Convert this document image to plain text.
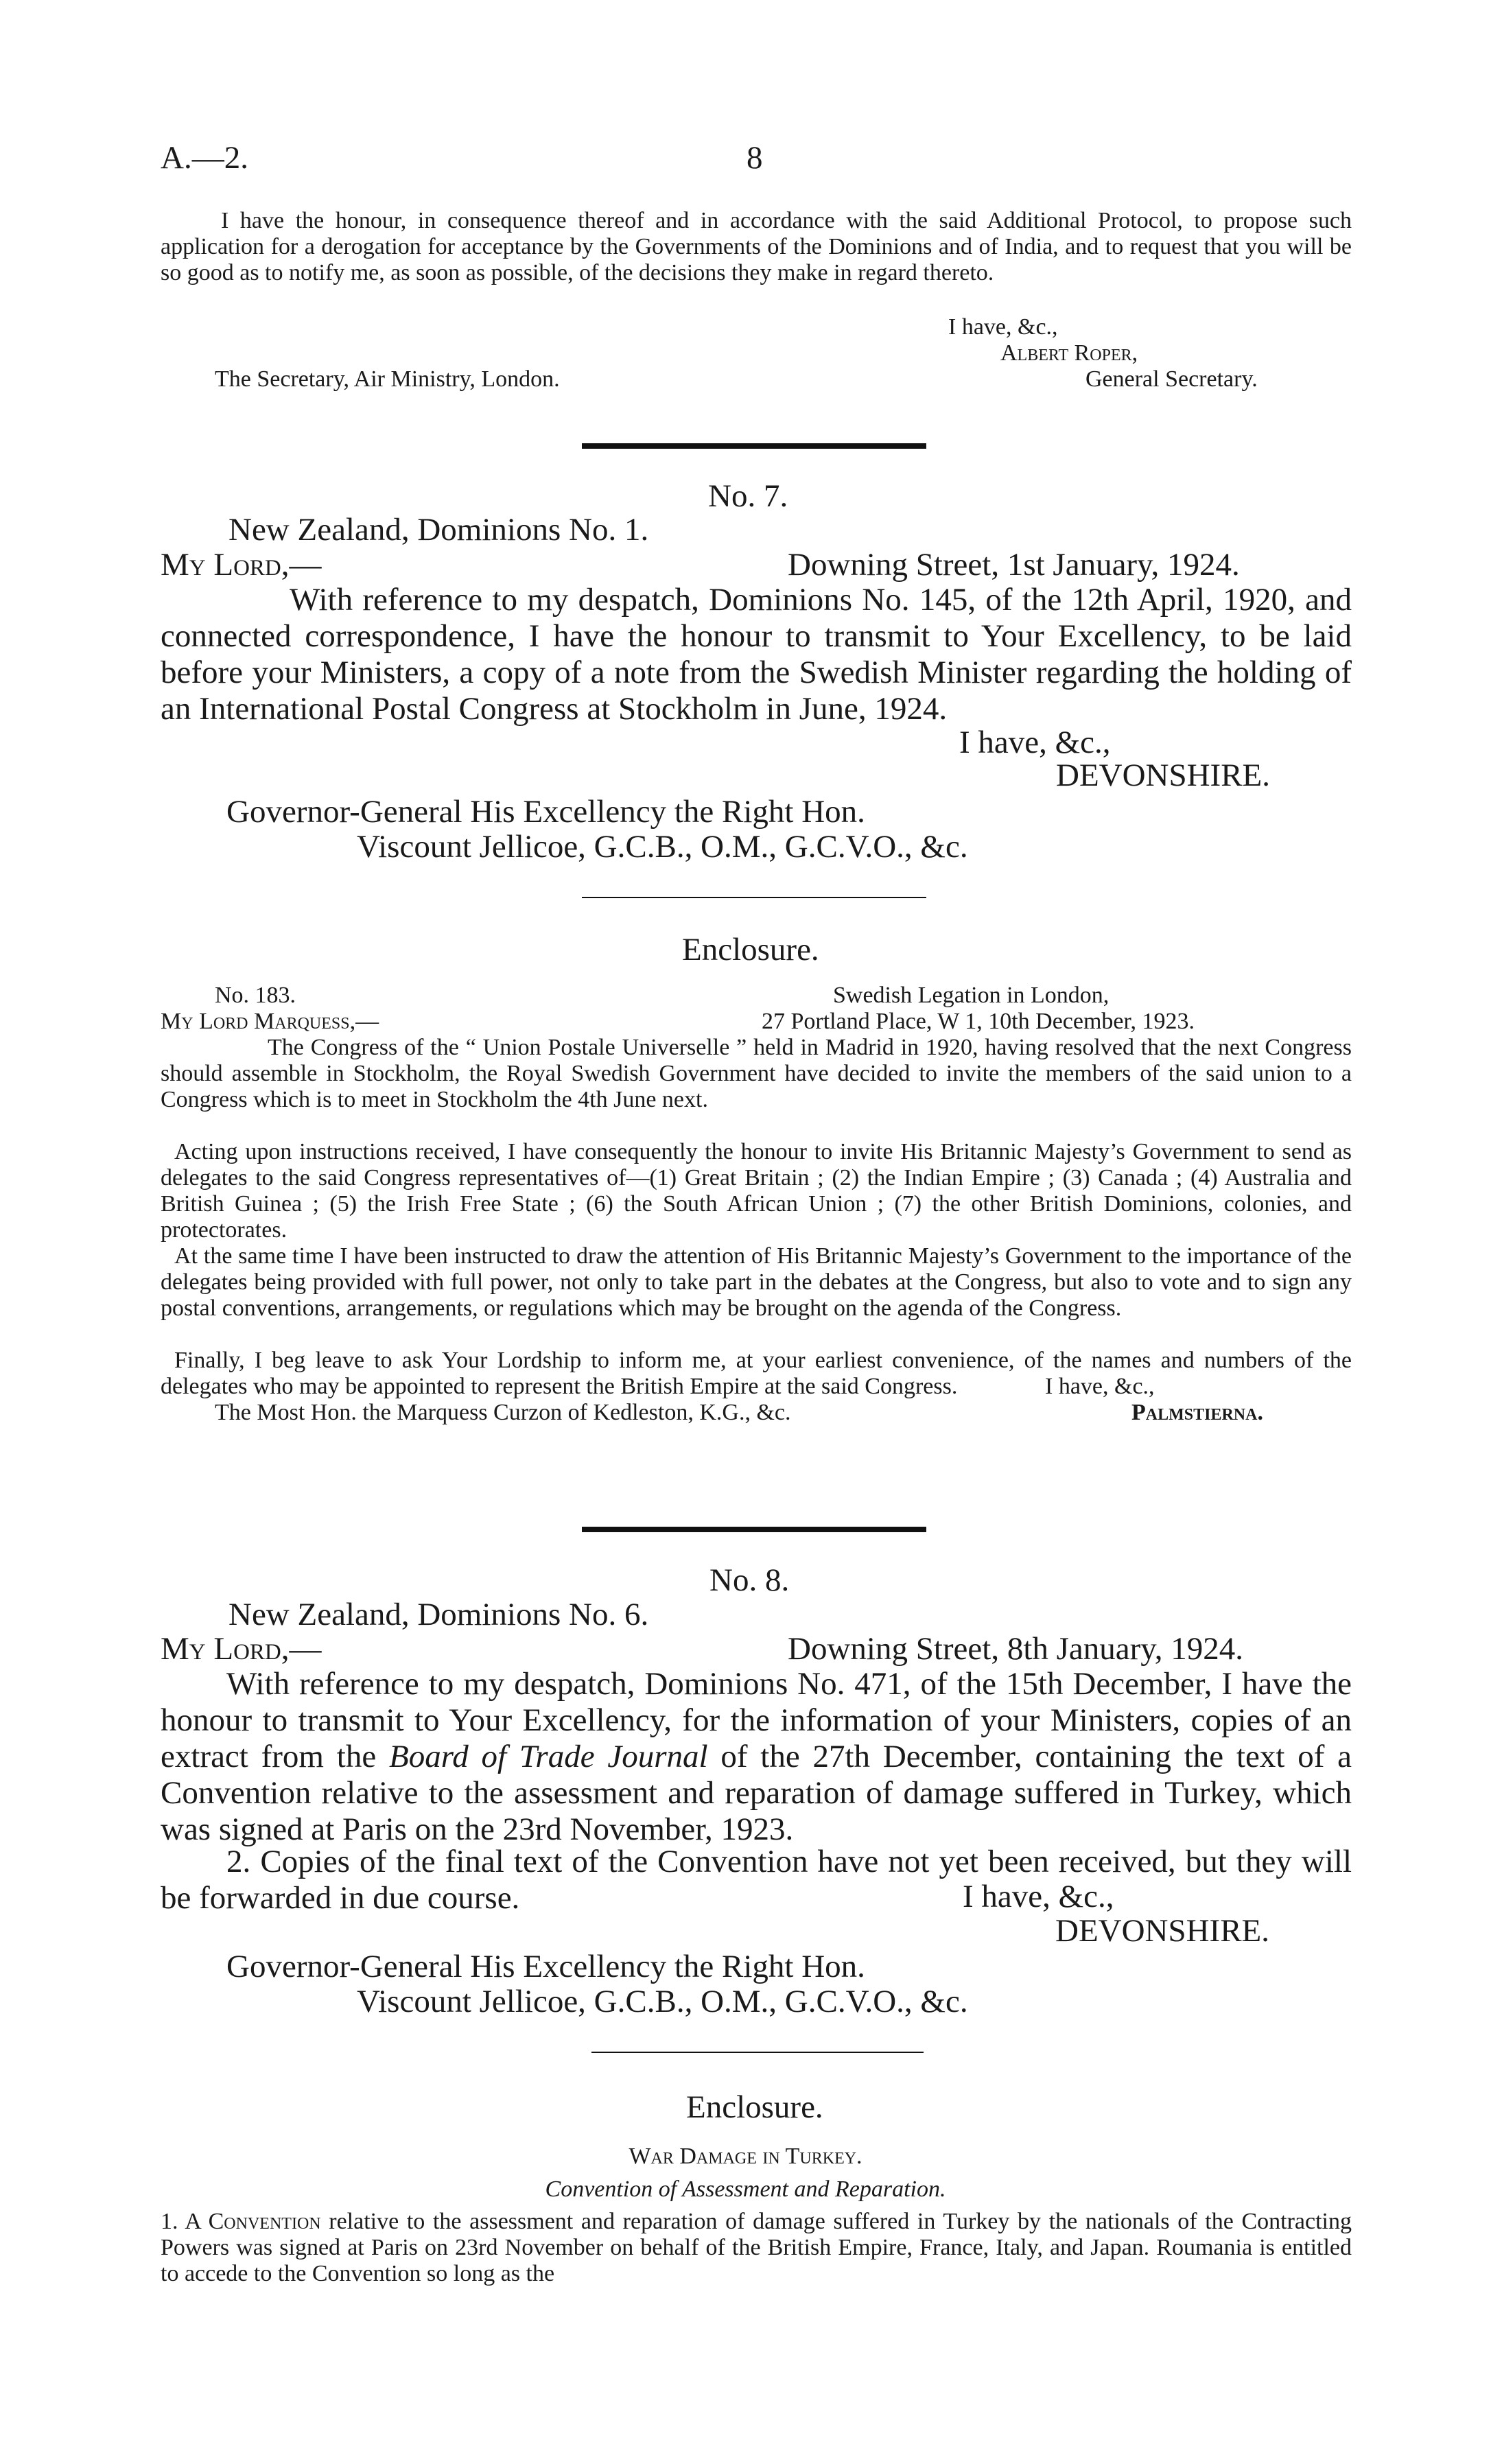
A.—2.	8
I have the honour, in consequence thereof and in accordance with the said Additional Protocol, to propose such application for a derogation for acceptance by the Governments of the Dominions and of India, and to request that you will be so good as to notify me, as soon as possible, of the decisions they make in regard thereto.
I have, &c.,
Albert Roper,
The Secretary, Air Ministry, London.	General Secretary.
No. 7.
New Zealand, Dominions No. 1.
My Lord,—	Downing Street, 1st January, 1924.
With reference to my despatch, Dominions No. 145, of the 12th April, 1920, and connected correspondence, I have the honour to transmit to Your Excellency, to be laid before your Ministers, a copy of a note from the Swedish Minister regarding the holding of an International Postal Congress at Stockholm in June, 1924.
I have, &c.,
DEVONSHIRE.
Governor-General His Excellency the Right Hon.
Viscount Jellicoe, G.C.B., O.M., G.C.V.O., &c.
Enclosure.
No. 183.	Swedish Legation in London,
My Lord Marquess,—	27 Portland Place, W 1, 10th December, 1923.
The Congress of the “ Union Postale Universelle ” held in Madrid in 1920, having resolved that the next Congress should assemble in Stockholm, the Royal Swedish Government have decided to invite the members of the said union to a Congress which is to meet in Stockholm the 4th June next.
Acting upon instructions received, I have consequently the honour to invite His Britannic Majesty’s Government to send as delegates to the said Congress representatives of—(1) Great Britain ; (2) the Indian Empire ; (3) Canada ; (4) Australia and British Guinea ; (5) the Irish Free State ; (6) the South African Union ; (7) the other British Dominions, colonies, and protectorates.
At the same time I have been instructed to draw the attention of His Britannic Majesty’s Government to the importance of the delegates being provided with full power, not only to take part in the debates at the Congress, but also to vote and to sign any postal conventions, arrangements, or regulations which may be brought on the agenda of the Congress.
Finally, I beg leave to ask Your Lordship to inform me, at your earliest convenience, of the names and numbers of the delegates who may be appointed to represent the British Empire at the said Congress.	I have, &c.,
The Most Hon. the Marquess Curzon of Kedleston, K.G., &c.	Palmstierna.
No. 8.
New Zealand, Dominions No. 6.
My Lord,—	Downing Street, 8th January, 1924.
With reference to my despatch, Dominions No. 471, of the 15th December, I have the honour to transmit to Your Excellency, for the information of your Ministers, copies of an extract from the Board of Trade Journal of the 27th December, containing the text of a Convention relative to the assessment and reparation of damage suffered in Turkey, which was signed at Paris on the 23rd November, 1923.
2. Copies of the final text of the Convention have not yet been received, but they will be forwarded in due course.	I have, &c.,
DEVONSHIRE.
Governor-General His Excellency the Right Hon.
Viscount Jellicoe, G.C.B., O.M., G.C.V.O., &c.
Enclosure.
War Damage in Turkey.
Convention of Assessment and Reparation.
1. A Convention relative to the assessment and reparation of damage suffered in Turkey by the nationals of the Contracting Powers was signed at Paris on 23rd November on behalf of the British Empire, France, Italy, and Japan. Roumania is entitled to accede to the Convention so long as the
